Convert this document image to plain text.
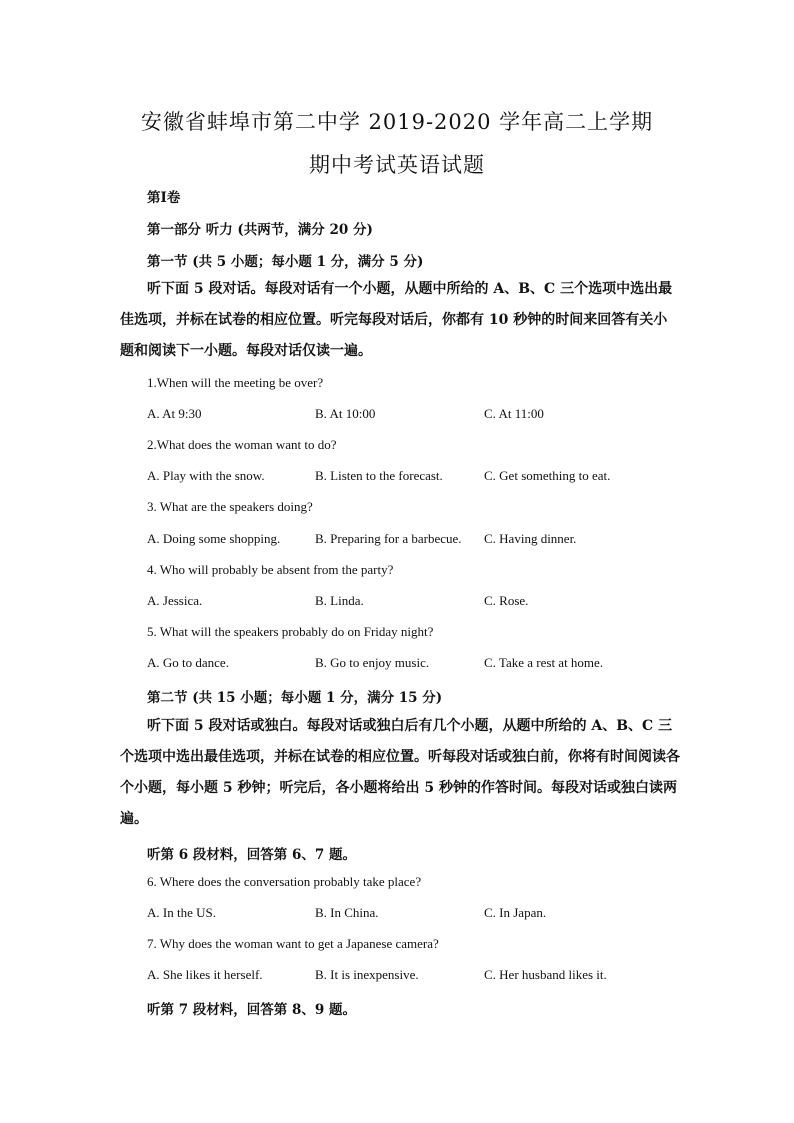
安徽省蚌埠市第二中学 2019-2020 学年高二上学期
期中考试英语试题
第Ⅰ卷
第一部分 听力 (共两节，满分 20 分)
第一节 (共 5 小题；每小题 1 分，满分 5 分)
听下面 5 段对话。每段对话有一个小题，从题中所给的 A、B、C 三个选项中选出最佳选项，并标在试卷的相应位置。听完每段对话后，你都有 10 秒钟的时间来回答有关小题和阅读下一小题。每段对话仅读一遍。
1.When will the meeting be over?
A. At 9:30	B. At 10:00	C. At 11:00
2.What does the woman want to do?
A. Play with the snow.	B. Listen to the forecast.	C. Get something to eat.
3. What are the speakers doing?
A. Doing some shopping.	B. Preparing for a barbecue. C. Having dinner.
4. Who will probably be absent from the party?
A. Jessica.	B. Linda.	C. Rose.
5. What will the speakers probably do on Friday night?
A. Go to dance.	B. Go to enjoy music.	C. Take a rest at home.
第二节 (共 15 小题；每小题 1 分，满分 15 分)
听下面 5 段对话或独白。每段对话或独白后有几个小题，从题中所给的 A、B、C 三个选项中选出最佳选项，并标在试卷的相应位置。听每段对话或独白前，你将有时间阅读各个小题，每小题 5 秒钟；听完后，各小题将给出 5 秒钟的作答时间。每段对话或独白读两遍。
听第 6 段材料，回答第 6、7 题。
6. Where does the conversation probably take place?
A. In the US.	B. In China.	C. In Japan.
7. Why does the woman want to get a Japanese camera?
A. She likes it herself.	B. It is inexpensive.	C. Her husband likes it.
听第 7 段材料，回答第 8、9 题。
